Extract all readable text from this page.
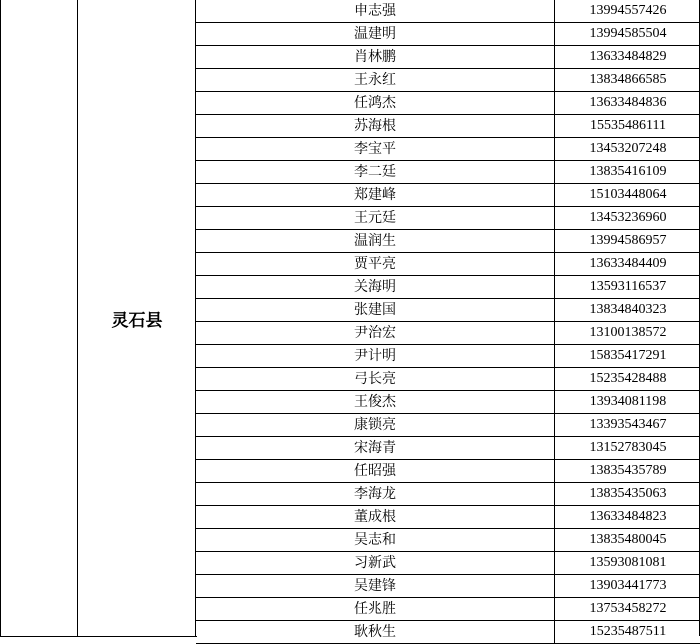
灵石县
申志强	13994557426
温建明	13994585504
肖林鹏	13633484829
王永红	13834866585
任鸿杰	13633484836
苏海根	15535486111
李宝平	13453207248
李二廷	13835416109
郑建峰	15103448064
王元廷	13453236960
温润生	13994586957
贾平亮	13633484409
关海明	13593116537
张建国	13834840323
尹治宏	13100138572
尹计明	15835417291
弓长亮	15235428488
王俊杰	13934081198
康锁亮	13393543467
宋海青	13152783045
任昭强	13835435789
李海龙	13835435063
董成根	13633484823
吴志和	13835480045
习新武	13593081081
吴建锋	13903441773
任兆胜	13753458272
耿秋生	15235487511
